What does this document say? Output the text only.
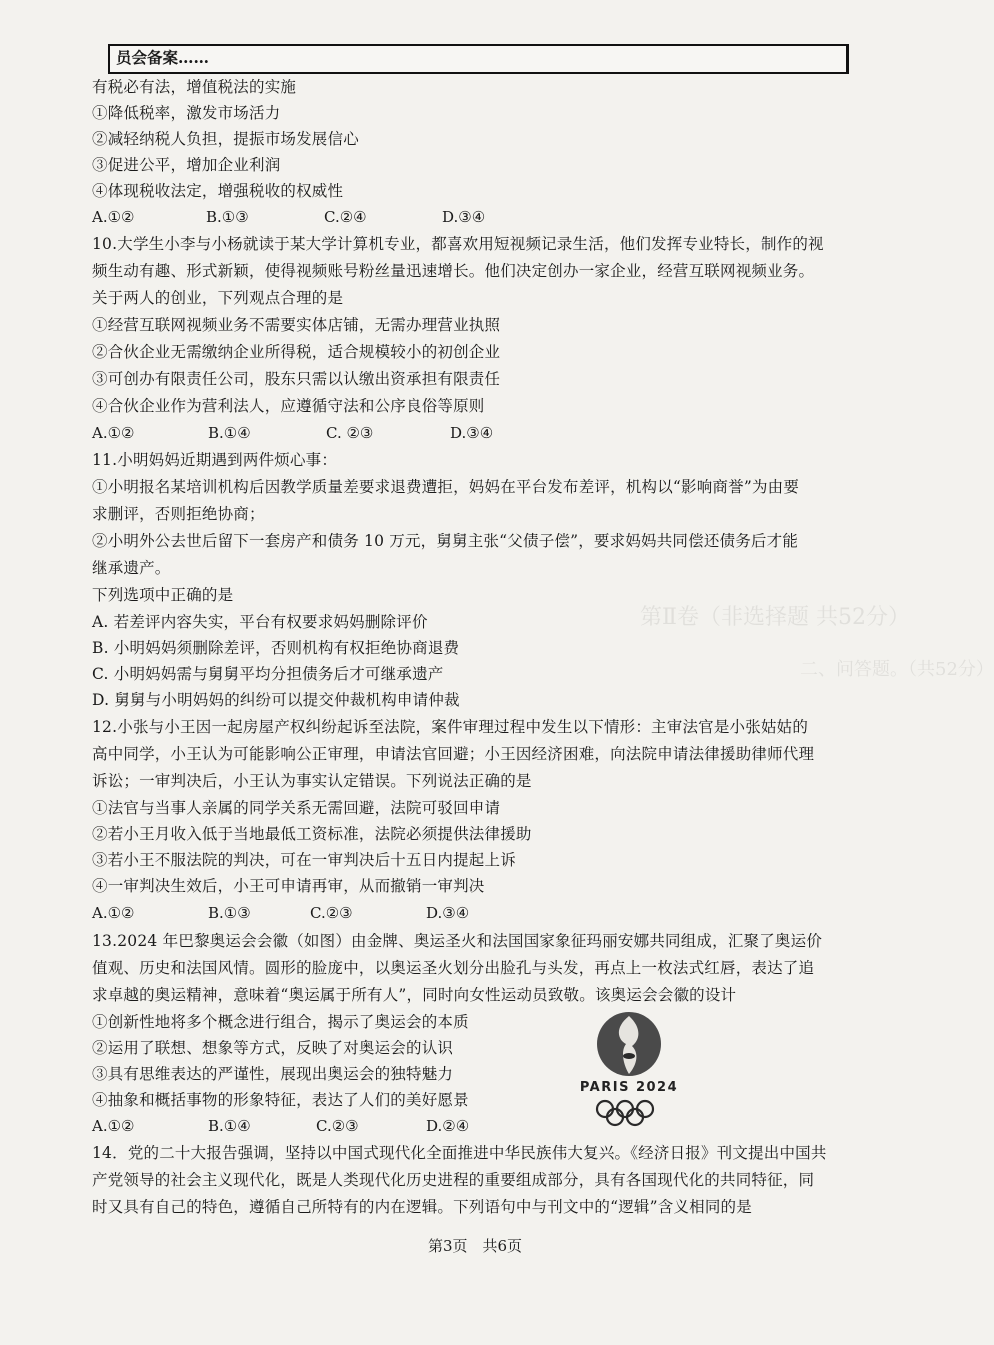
第Ⅱ卷（非选择题 共52分）
二、问答题。（共52分）
员会备案……
有税必有法，增值税法的实施
①降低税率，激发市场活力
②减轻纳税人负担，提振市场发展信心
③促进公平，增加企业利润
④体现税收法定，增强税收的权威性
A.①②	B.①③	C.②④	D.③④
10.大学生小李与小杨就读于某大学计算机专业，都喜欢用短视频记录生活，他们发挥专业特长，制作的视
频生动有趣、形式新颖，使得视频账号粉丝量迅速增长。他们决定创办一家企业，经营互联网视频业务。
关于两人的创业，下列观点合理的是
①经营互联网视频业务不需要实体店铺，无需办理营业执照
②合伙企业无需缴纳企业所得税，适合规模较小的初创企业
③可创办有限责任公司，股东只需以认缴出资承担有限责任
④合伙企业作为营利法人，应遵循守法和公序良俗等原则
A.①②	B.①④	C. ②③	D.③④
11.小明妈妈近期遇到两件烦心事：
①小明报名某培训机构后因教学质量差要求退费遭拒，妈妈在平台发布差评，机构以“影响商誉”为由要
求删评，否则拒绝协商；
②小明外公去世后留下一套房产和债务 10 万元，舅舅主张“父债子偿”，要求妈妈共同偿还债务后才能
继承遗产。
下列选项中正确的是
A. 若差评内容失实，平台有权要求妈妈删除评价
B. 小明妈妈须删除差评，否则机构有权拒绝协商退费
C. 小明妈妈需与舅舅平均分担债务后才可继承遗产
D. 舅舅与小明妈妈的纠纷可以提交仲裁机构申请仲裁
12.小张与小王因一起房屋产权纠纷起诉至法院，案件审理过程中发生以下情形：主审法官是小张姑姑的
高中同学，小王认为可能影响公正审理，申请法官回避；小王因经济困难，向法院申请法律援助律师代理
诉讼；一审判决后，小王认为事实认定错误。下列说法正确的是
①法官与当事人亲属的同学关系无需回避，法院可驳回申请
②若小王月收入低于当地最低工资标准，法院必须提供法律援助
③若小王不服法院的判决，可在一审判决后十五日内提起上诉
④一审判决生效后，小王可申请再审，从而撤销一审判决
A.①②	B.①③	C.②③	D.③④
13.2024 年巴黎奥运会会徽（如图）由金牌、奥运圣火和法国国家象征玛丽安娜共同组成，汇聚了奥运价
值观、历史和法国风情。圆形的脸庞中，以奥运圣火划分出脸孔与头发，再点上一枚法式红唇，表达了追
求卓越的奥运精神，意味着“奥运属于所有人”，同时向女性运动员致敬。该奥运会会徽的设计
①创新性地将多个概念进行组合，揭示了奥运会的本质
②运用了联想、想象等方式，反映了对奥运会的认识
③具有思维表达的严谨性，展现出奥运会的独特魅力
④抽象和概括事物的形象特征，表达了人们的美好愿景
A.①②	B.①④	C.②③	D.②④
PARIS 2024
14．党的二十大报告强调，坚持以中国式现代化全面推进中华民族伟大复兴。《经济日报》刊文提出中国共
产党领导的社会主义现代化，既是人类现代化历史进程的重要组成部分，具有各国现代化的共同特征，同
时又具有自己的特色，遵循自己所特有的内在逻辑。下列语句中与刊文中的“逻辑”含义相同的是
第3页　共6页
